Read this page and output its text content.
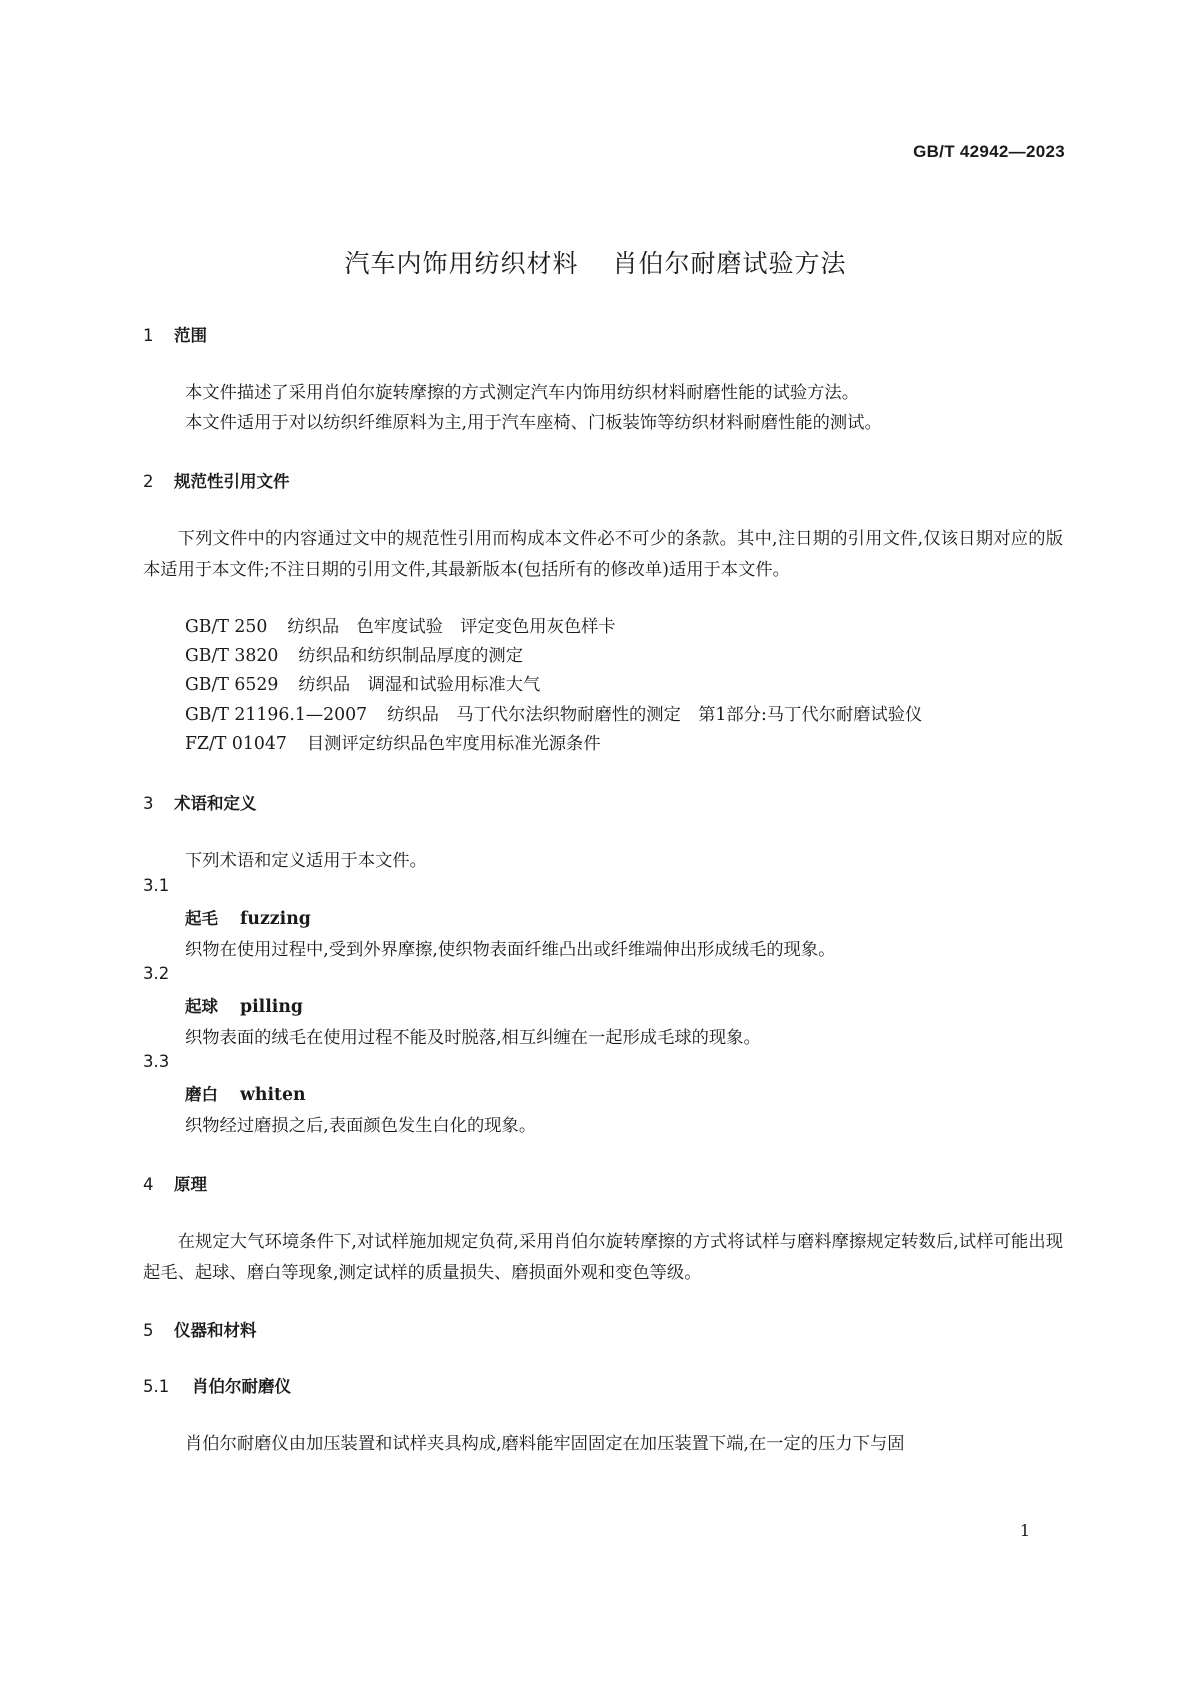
GB/T 42942—2023
汽车内饰用纺织材料 肖伯尔耐磨试验方法
1 范围
本文件描述了采用肖伯尔旋转摩擦的方式测定汽车内饰用纺织材料耐磨性能的试验方法。
本文件适用于对以纺织纤维原料为主,用于汽车座椅、门板装饰等纺织材料耐磨性能的测试。
2 规范性引用文件
下列文件中的内容通过文中的规范性引用而构成本文件必不可少的条款。其中,注日期的引用文件,仅该日期对应的版本适用于本文件;不注日期的引用文件,其最新版本(包括所有的修改单)适用于本文件。
GB/T 250 纺织品　色牢度试验　评定变色用灰色样卡
GB/T 3820 纺织品和纺织制品厚度的测定
GB/T 6529 纺织品　调湿和试验用标准大气
GB/T 21196.1—2007 纺织品　马丁代尔法织物耐磨性的测定　第1部分:马丁代尔耐磨试验仪
FZ/T 01047 目测评定纺织品色牢度用标准光源条件
3 术语和定义
下列术语和定义适用于本文件。
3.1
起毛 fuzzing
织物在使用过程中,受到外界摩擦,使织物表面纤维凸出或纤维端伸出形成绒毛的现象。
3.2
起球 pilling
织物表面的绒毛在使用过程不能及时脱落,相互纠缠在一起形成毛球的现象。
3.3
磨白 whiten
织物经过磨损之后,表面颜色发生白化的现象。
4 原理
在规定大气环境条件下,对试样施加规定负荷,采用肖伯尔旋转摩擦的方式将试样与磨料摩擦规定转数后,试样可能出现起毛、起球、磨白等现象,测定试样的质量损失、磨损面外观和变色等级。
5 仪器和材料
5.1 肖伯尔耐磨仪
肖伯尔耐磨仪由加压装置和试样夹具构成,磨料能牢固固定在加压装置下端,在一定的压力下与固
1
